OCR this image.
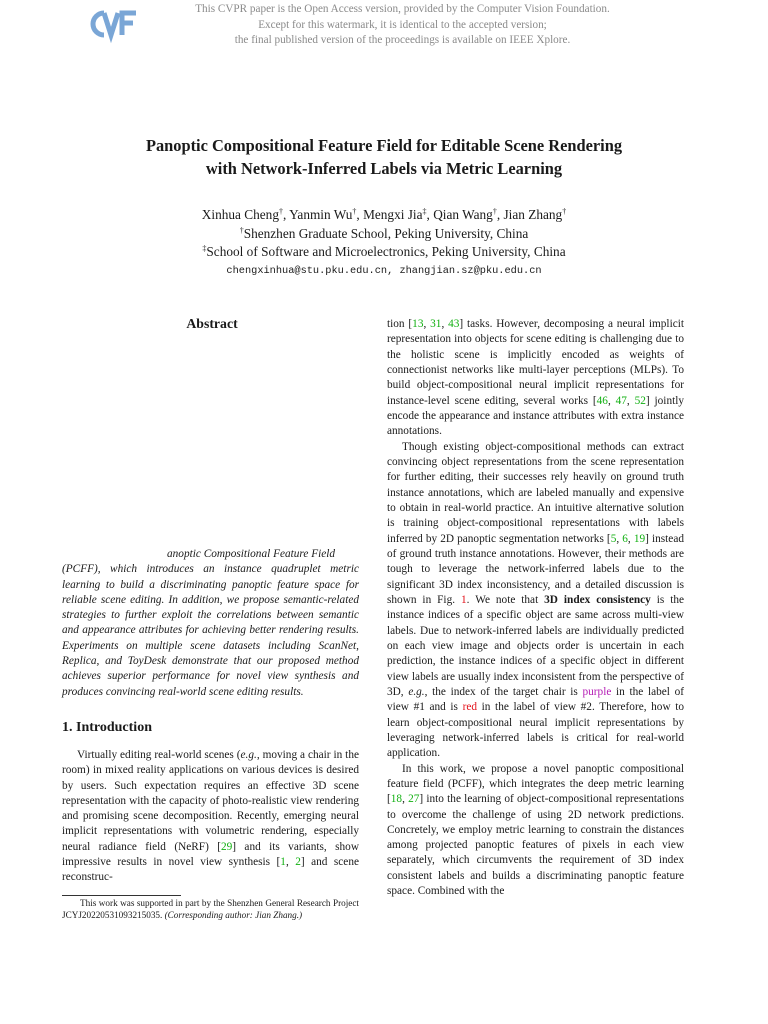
This CVPR paper is the Open Access version, provided by the Computer Vision Foundation.
Except for this watermark, it is identical to the accepted version;
the final published version of the proceedings is available on IEEE Xplore.
Panoptic Compositional Feature Field for Editable Scene Rendering
with Network-Inferred Labels via Metric Learning
Xinhua Cheng†, Yanmin Wu†, Mengxi Jia‡, Qian Wang†, Jian Zhang†
†Shenzhen Graduate School, Peking University, China
‡School of Software and Microelectronics, Peking University, China
chengxinhua@stu.pku.edu.cn, zhangjian.sz@pku.edu.cn
Abstract
anoptic Compositional Feature Field
(PCFF), which introduces an instance quadruplet metric learning to build a discriminating panoptic feature space for reliable scene editing. In addition, we propose semantic-related strategies to further exploit the correlations between semantic and appearance attributes for achieving better rendering results. Experiments on multiple scene datasets including ScanNet, Replica, and ToyDesk demonstrate that our proposed method achieves superior performance for novel view synthesis and produces convincing real-world scene editing results.
1. Introduction

Virtually editing real-world scenes (e.g., moving a chair in the room) in mixed reality applications on various devices is desired by users. Such expectation requires an effective 3D scene representation with the capacity of photo-realistic view rendering and promising scene decomposition. Recently, emerging neural implicit representations with volumetric rendering, especially neural radiance field (NeRF) [29] and its variants, show impressive results in novel view synthesis [1, 2] and scene reconstruc-

This work was supported in part by the Shenzhen General Research Project JCYJ20220531093215035. (Corresponding author: Jian Zhang.)

tion [13, 31, 43] tasks. However, decomposing a neural implicit representation into objects for scene editing is challenging due to the holistic scene is implicitly encoded as weights of connectionist networks like multi-layer perceptions (MLPs). To build object-compositional neural implicit representations for instance-level scene editing, several works [46, 47, 52] jointly encode the appearance and instance attributes with extra instance annotations.

Though existing object-compositional methods can extract convincing object representations from the scene representation for further editing, their successes rely heavily on ground truth instance annotations, which are labeled manually and expensive to obtain in real-world practice. An intuitive alternative solution is training object-compositional representations with labels inferred by 2D panoptic segmentation networks [5, 6, 19] instead of ground truth instance annotations. However, their methods are tough to leverage the network-inferred labels due to the significant 3D index inconsistency, and a detailed discussion is shown in Fig. 1. We note that 3D index consistency is the instance indices of a specific object are same across multi-view labels. Due to network-inferred labels are individually predicted on each view image and objects order is uncertain in each prediction, the instance indices of a specific object in different view labels are usually index inconsistent from the perspective of 3D, e.g., the index of the target chair is purple in the label of view #1 and is red in the label of view #2. Therefore, how to learn object-compositional neural implicit representations by leveraging network-inferred labels is critical for real-world application.

In this work, we propose a novel panoptic compositional feature field (PCFF), which integrates the deep metric learning [18, 27] into the learning of object-compositional representations to overcome the challenge of using 2D network predictions. Concretely, we employ metric learning to constrain the distances among projected panoptic features of pixels in each view separately, which circumvents the requirement of 3D index consistent labels and builds a discriminating panoptic feature space. Combined with the
